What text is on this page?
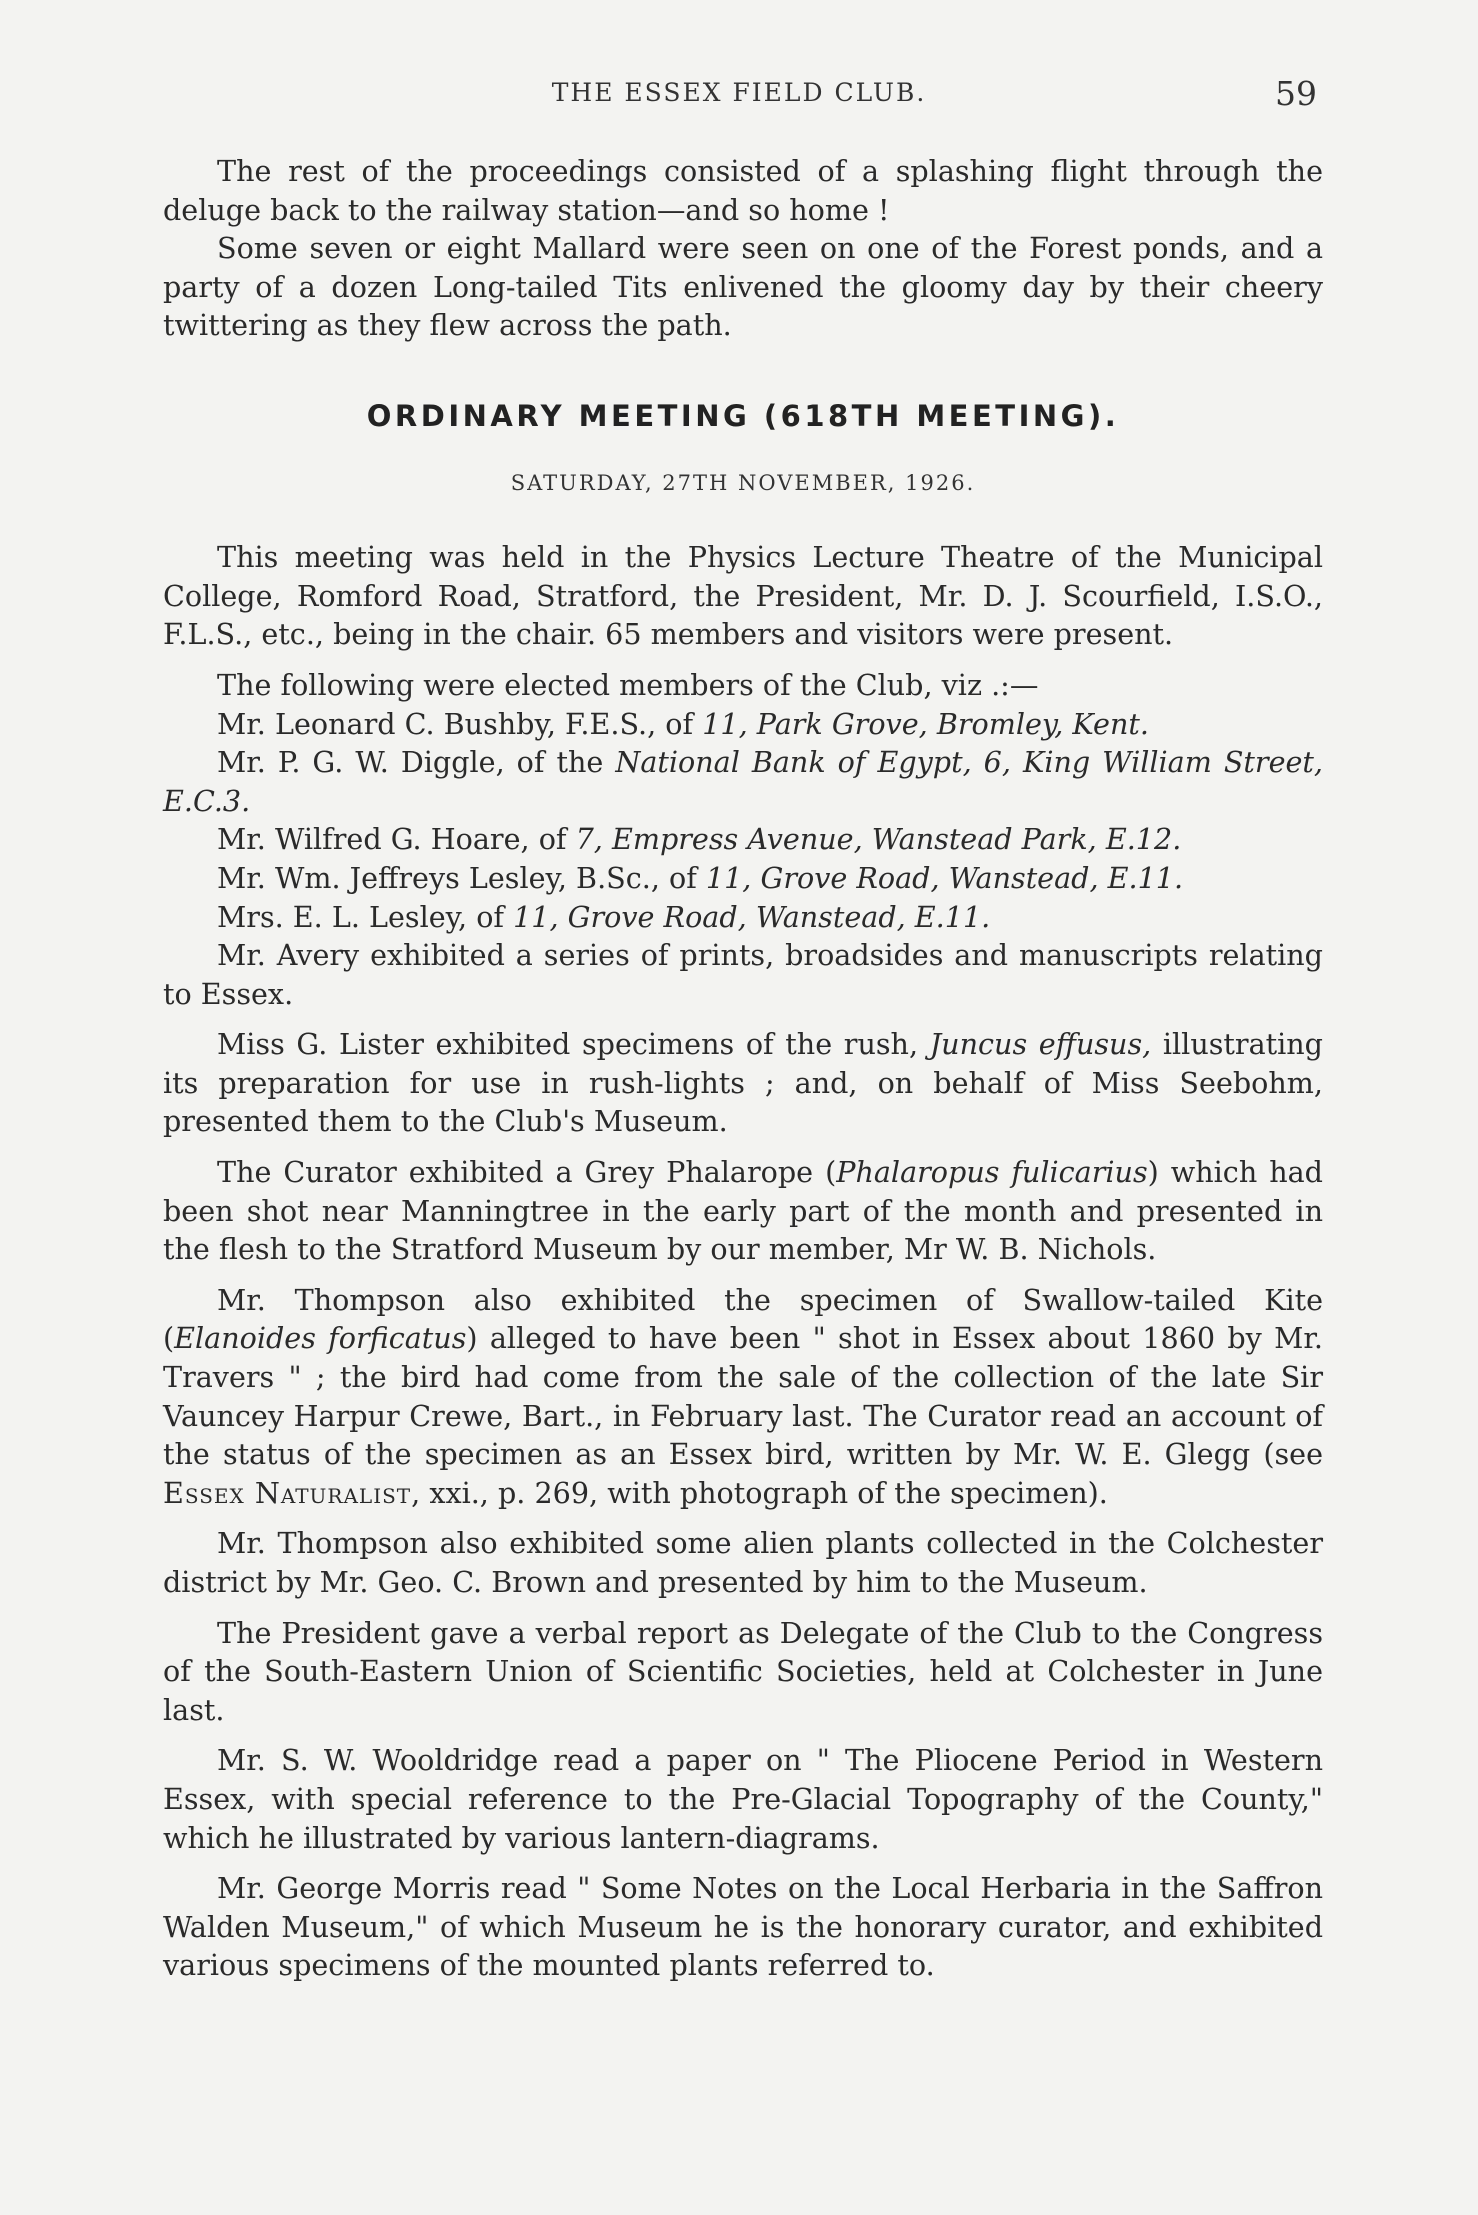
THE ESSEX FIELD CLUB.	59

The rest of the proceedings consisted of a splashing flight through the deluge back to the railway station—and so home !

Some seven or eight Mallard were seen on one of the Forest ponds, and a party of a dozen Long-tailed Tits enlivened the gloomy day by their cheery twittering as they flew across the path.

ORDINARY MEETING (618TH MEETING).

SATURDAY, 27TH NOVEMBER, 1926.

This meeting was held in the Physics Lecture Theatre of the Municipal College, Romford Road, Stratford, the President, Mr. D. J. Scourfield, I.S.O., F.L.S., etc., being in the chair. 65 members and visitors were present.

The following were elected members of the Club, viz .:—

Mr. Leonard C. Bushby, F.E.S., of 11, Park Grove, Bromley, Kent.

Mr. P. G. W. Diggle, of the National Bank of Egypt, 6, King William Street, E.C.3.

Mr. Wilfred G. Hoare, of 7, Empress Avenue, Wanstead Park, E.12.

Mr. Wm. Jeffreys Lesley, B.Sc., of 11, Grove Road, Wanstead, E.11.

Mrs. E. L. Lesley, of 11, Grove Road, Wanstead, E.11.

Mr. Avery exhibited a series of prints, broadsides and manuscripts relating to Essex.

Miss G. Lister exhibited specimens of the rush, Juncus effusus, illustrating its preparation for use in rush-lights ; and, on behalf of Miss Seebohm, presented them to the Club's Museum.

The Curator exhibited a Grey Phalarope (Phalaropus fulicarius) which had been shot near Manningtree in the early part of the month and presented in the flesh to the Stratford Museum by our member, Mr W. B. Nichols.

Mr. Thompson also exhibited the specimen of Swallow-tailed Kite (Elanoides forficatus) alleged to have been " shot in Essex about 1860 by Mr. Travers " ; the bird had come from the sale of the collection of the late Sir Vauncey Harpur Crewe, Bart., in February last. The Curator read an account of the status of the specimen as an Essex bird, written by Mr. W. E. Glegg (see Essex Naturalist, xxi., p. 269, with photograph of the specimen).

Mr. Thompson also exhibited some alien plants collected in the Colchester district by Mr. Geo. C. Brown and presented by him to the Museum.

The President gave a verbal report as Delegate of the Club to the Congress of the South-Eastern Union of Scientific Societies, held at Colchester in June last.

Mr. S. W. Wooldridge read a paper on " The Pliocene Period in Western Essex, with special reference to the Pre-Glacial Topography of the County," which he illustrated by various lantern-diagrams.

Mr. George Morris read " Some Notes on the Local Herbaria in the Saffron Walden Museum," of which Museum he is the honorary curator, and exhibited various specimens of the mounted plants referred to.
